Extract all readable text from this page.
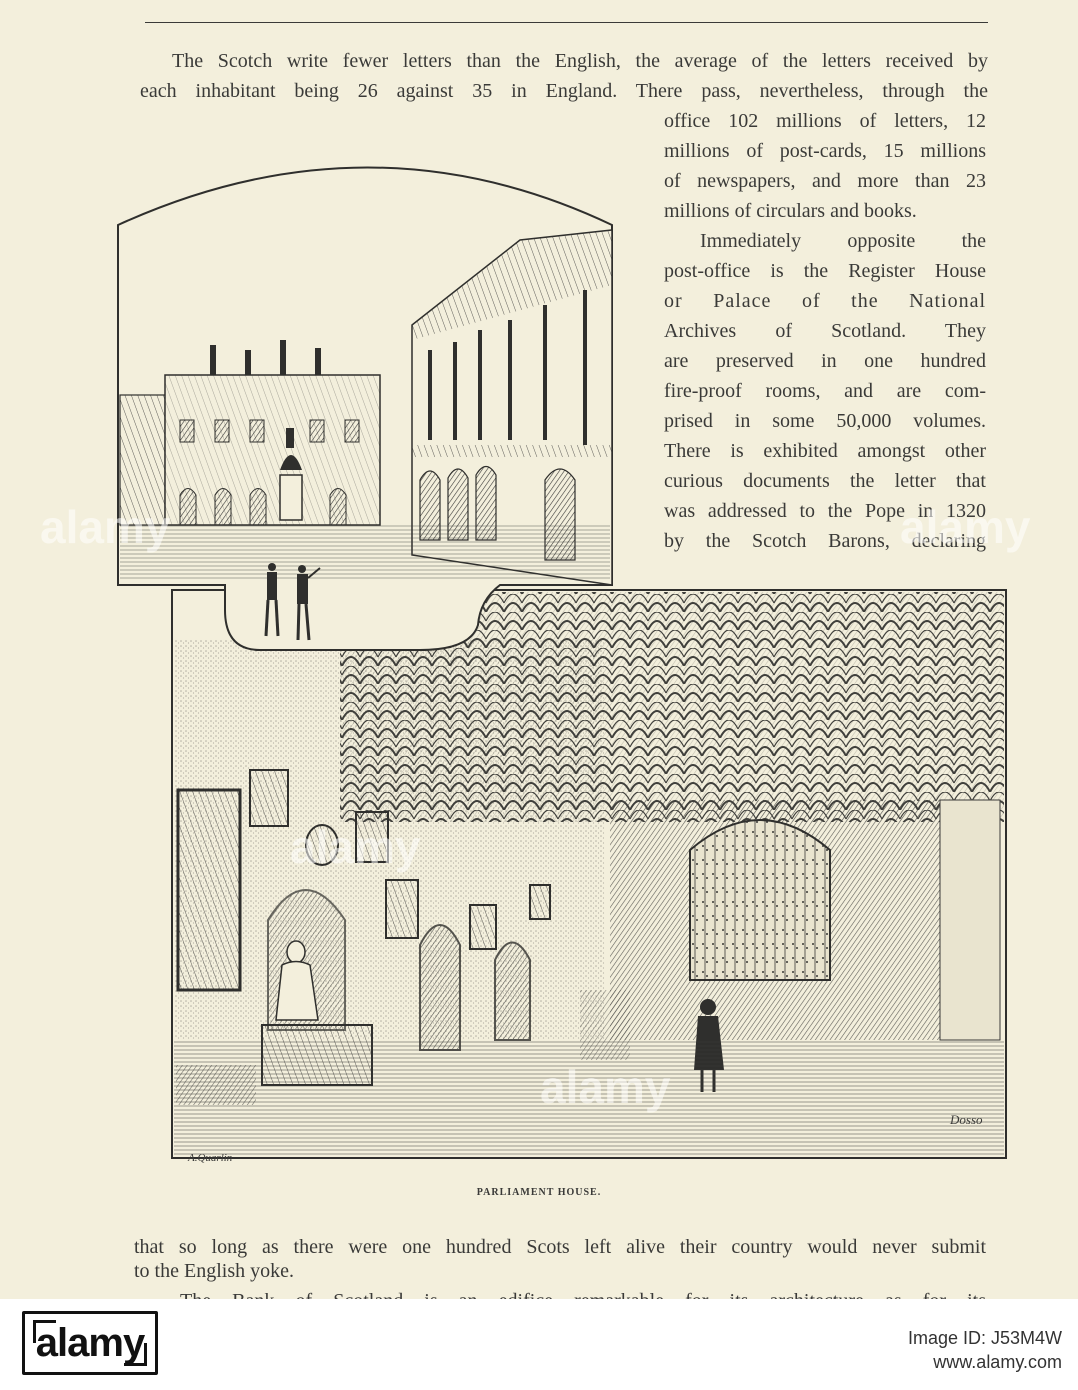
The Scotch write fewer letters than the English, the average of the letters received by
each inhabitant being 26 against 35 in England. There pass, nevertheless, through the
office 102 millions of letters, 12
millions of post-cards, 15 millions
of newspapers, and more than 23
millions of circulars and books.
Immediately opposite the
post-office is the Register House
or Palace of the National
Archives of Scotland. They
are preserved in one hundred
fire-proof rooms, and are com-
prised in some 50,000 volumes.
There is exhibited amongst other
curious documents the letter that
was addressed to the Pope in 1320
by the Scotch Barons, declaring
A.Quarlin
Dosso
PARLIAMENT HOUSE.
that so long as there were one hundred Scots left alive their country would never submit
to the English yoke.
alamy
alamy
alamy
alamy
alamy	Image ID: J53M4W
www.alamy.com
